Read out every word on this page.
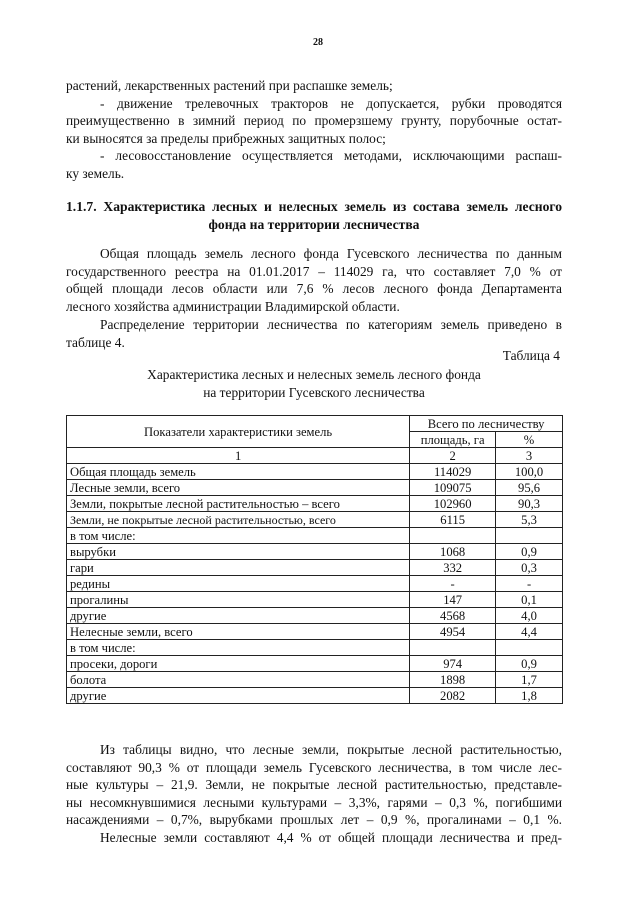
28
растений, лекарственных растений при распашке земель;
- движение трелевочных тракторов не допускается, рубки проводятся
преимущественно в зимний период по промерзшему грунту, порубочные остат-
ки выносятся за пределы прибрежных защитных полос;
- лесовосстановление осуществляется методами, исключающими распаш-
ку земель.
1.1.7. Характеристика лесных и нелесных земель из состава земель лесного
фонда на территории лесничества
Общая площадь земель лесного фонда Гусевского лесничества по данным
государственного реестра на 01.01.2017 – 114029 га, что составляет 7,0 % от
общей площади лесов области или 7,6 % лесов лесного фонда Департамента
лесного хозяйства администрации Владимирской области.
Распределение территории лесничества по категориям земель приведено в
таблице 4.
Таблица 4
Характеристика лесных и нелесных земель лесного фонда
на территории Гусевского лесничества
Показатели характеристики земель	Всего по лесничеству	
	площадь, га	%
1	2	3
Общая площадь земель	114029	100,0
Лесные земли, всего	109075	95,6
Земли, покрытые лесной растительностью – всего	102960	90,3
Земли, не покрытые лесной растительностью, всего	6115	5,3
в том числе:		
вырубки	1068	0,9
гари	332	0,3
редины	-	-
прогалины	147	0,1
другие	4568	4,0
Нелесные земли, всего	4954	4,4
в том числе:		
просеки, дороги	974	0,9
болота	1898	1,7
другие	2082	1,8
Из таблицы видно, что лесные земли, покрытые лесной растительностью,
составляют 90,3 % от площади земель Гусевского лесничества, в том числе лес-
ные культуры – 21,9. Земли, не покрытые лесной растительностью, представле-
ны несомкнувшимися лесными культурами – 3,3%, гарями – 0,3 %, погибшими
насаждениями – 0,7%, вырубками прошлых лет – 0,9 %, прогалинами – 0,1 %.
Нелесные земли составляют 4,4 % от общей площади лесничества и пред-
